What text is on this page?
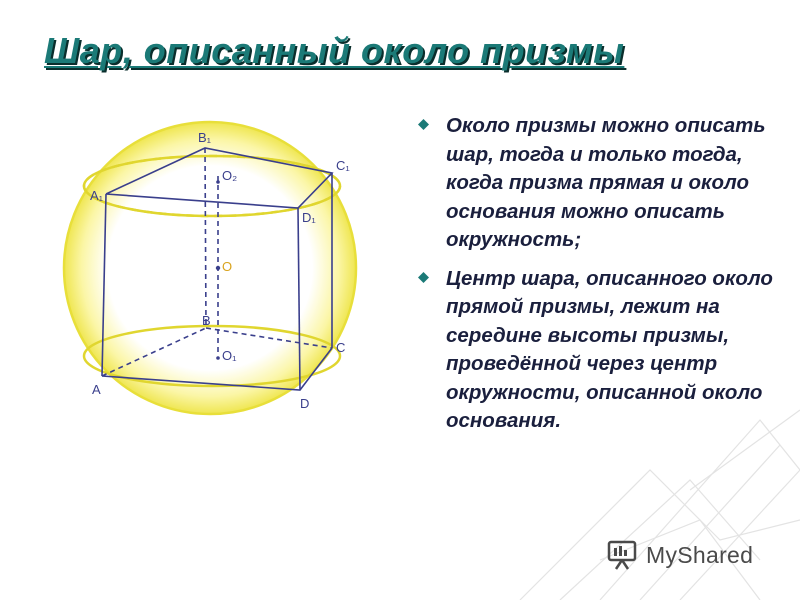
Шар, описанный около призмы
B₁
C₁
O₂
A₁
D₁
O
B
O₁
C
A
D
Около призмы можно описать шар, тогда и только тогда, когда призма прямая и около основания можно описать окружность;
Центр шара, описанного около прямой призмы, лежит на середине высоты призмы, проведённой через центр окружности, описанной около основания.
MyShared
